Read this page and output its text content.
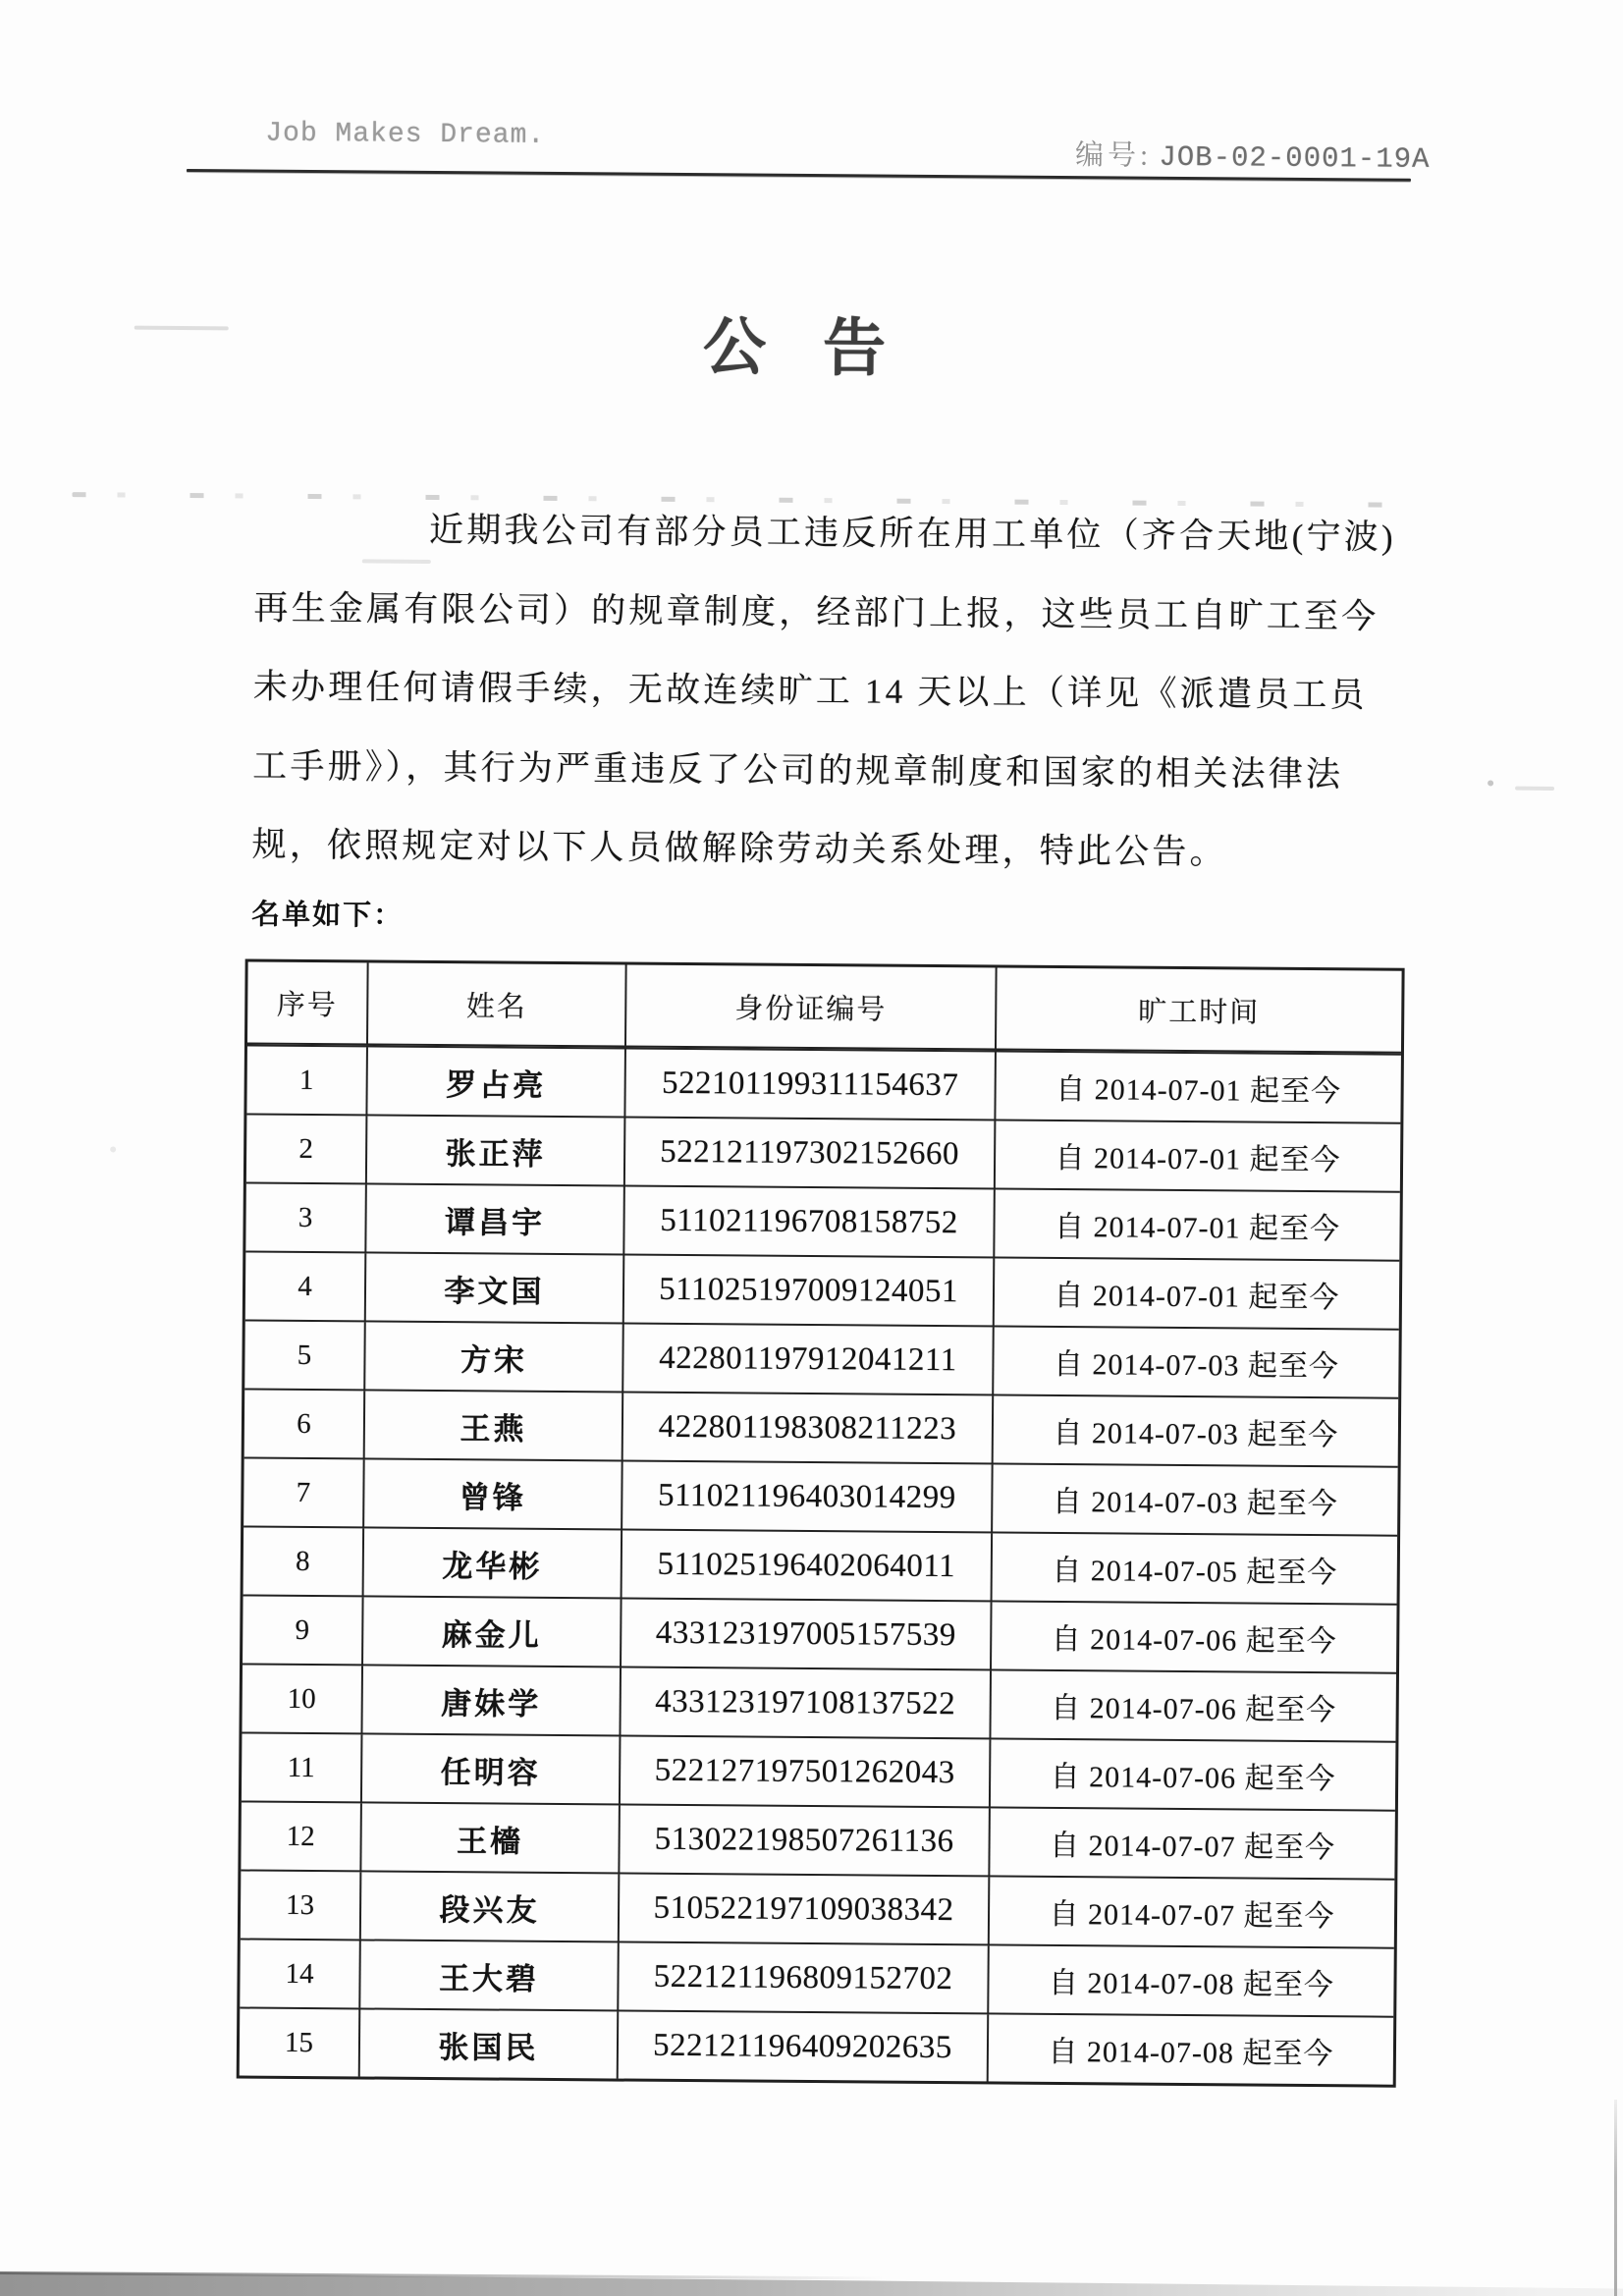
Job Makes Dream.
编号: JOB-02-0001-19A
公 告
近期我公司有部分员工违反所在用工单位（齐合天地(宁波)
再生金属有限公司）的规章制度，经部门上报，这些员工自旷工至今
未办理任何请假手续，无故连续旷工 14 天以上（详见《派遣员工员
工手册》），其行为严重违反了公司的规章制度和国家的相关法律法
规，依照规定对以下人员做解除劳动关系处理，特此公告。
名单如下：
序号	姓名	身份证编号	旷工时间
1	罗占亮	522101199311154637	自 2014-07-01 起至今
2	张正萍	522121197302152660	自 2014-07-01 起至今
3	谭昌宇	511021196708158752	自 2014-07-01 起至今
4	李文国	511025197009124051	自 2014-07-01 起至今
5	方宋	422801197912041211	自 2014-07-03 起至今
6	王燕	422801198308211223	自 2014-07-03 起至今
7	曾锋	511021196403014299	自 2014-07-03 起至今
8	龙华彬	511025196402064011	自 2014-07-05 起至今
9	麻金儿	433123197005157539	自 2014-07-06 起至今
10	唐妹学	433123197108137522	自 2014-07-06 起至今
11	任明容	522127197501262043	自 2014-07-06 起至今
12	王檣	513022198507261136	自 2014-07-07 起至今
13	段兴友	510522197109038342	自 2014-07-07 起至今
14	王大碧	522121196809152702	自 2014-07-08 起至今
15	张国民	522121196409202635	自 2014-07-08 起至今
